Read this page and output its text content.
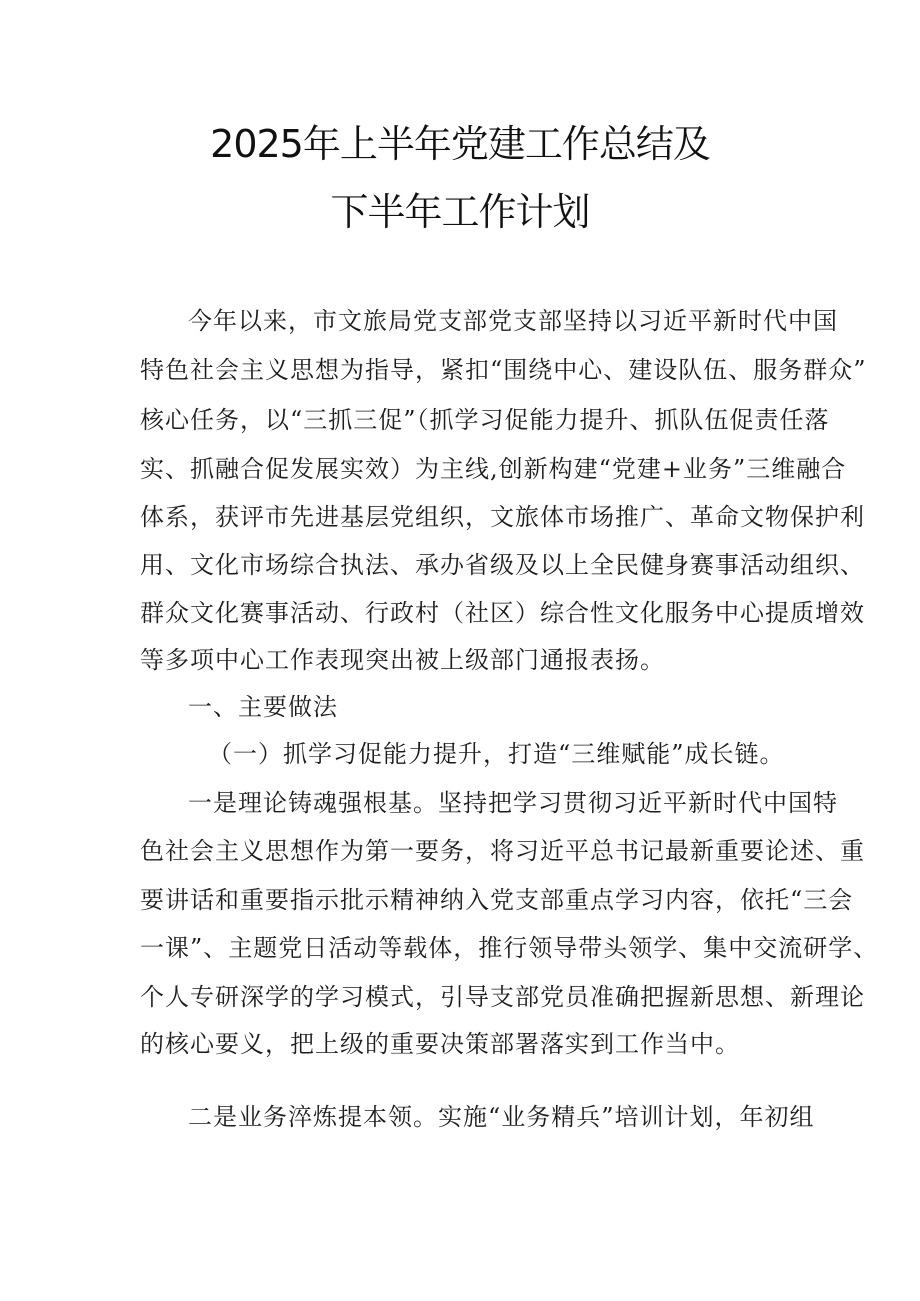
2025年上半年党建工作总结及
下半年工作计划
今年以来，市文旅局党支部党支部坚持以习近平新时代中国
特色社会主义思想为指导，紧扣“围绕中心、建设队伍、服务群众”
核心任务，以“三抓三促”（抓学习促能力提升、抓队伍促责任落
实、抓融合促发展实效）为主线,创新构建“党建+业务”三维融合
体系，获评市先进基层党组织，文旅体市场推广、革命文物保护利
用、文化市场综合执法、承办省级及以上全民健身赛事活动组织、
群众文化赛事活动、行政村（社区）综合性文化服务中心提质增效
等多项中心工作表现突出被上级部门通报表扬。
一、主要做法
（一）抓学习促能力提升，打造“三维赋能”成长链。
一是理论铸魂强根基。坚持把学习贯彻习近平新时代中国特
色社会主义思想作为第一要务，将习近平总书记最新重要论述、重
要讲话和重要指示批示精神纳入党支部重点学习内容，依托“三会
一课”、主题党日活动等载体，推行领导带头领学、集中交流研学、
个人专研深学的学习模式，引导支部党员准确把握新思想、新理论
的核心要义，把上级的重要决策部署落实到工作当中。
二是业务淬炼提本领。实施“业务精兵”培训计划，年初组
